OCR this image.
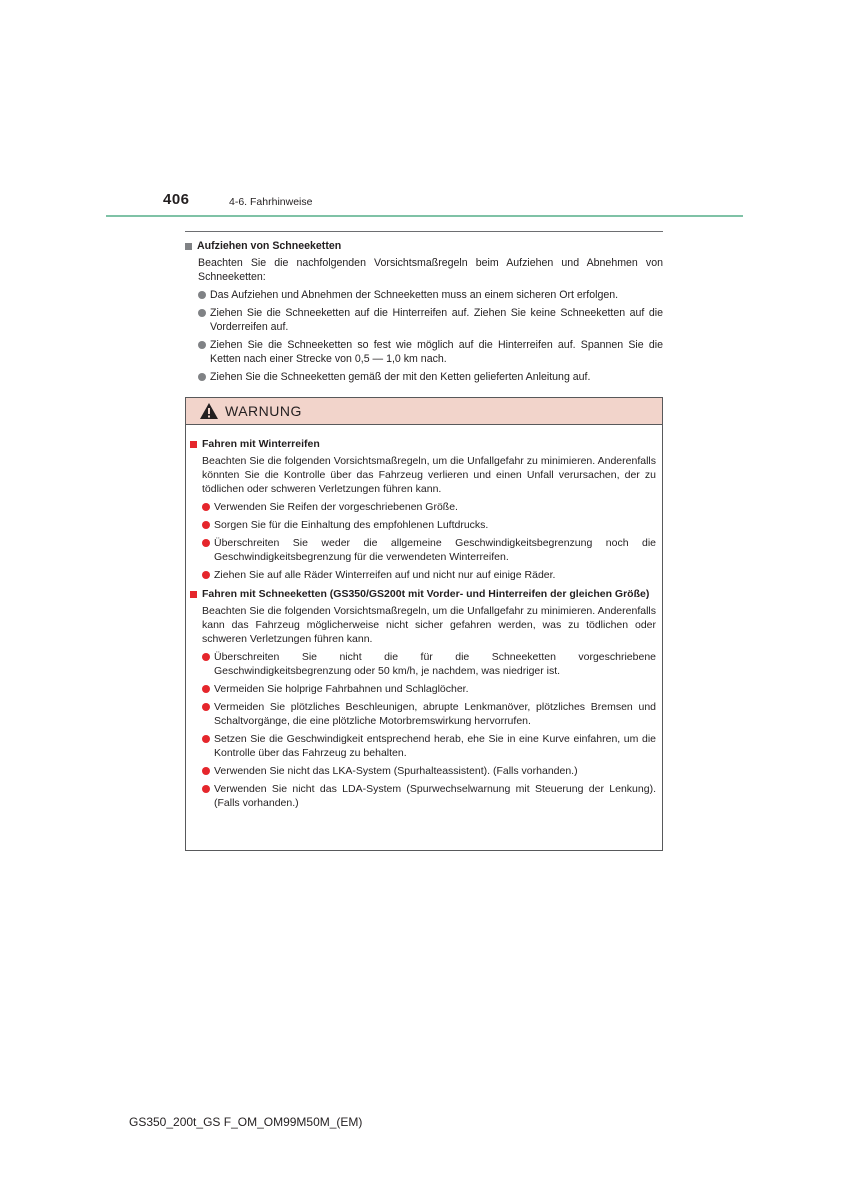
406	4-6. Fahrhinweise
Aufziehen von Schneeketten
Beachten Sie die nachfolgenden Vorsichtsmaßregeln beim Aufziehen und Abnehmen von Schneeketten:
Das Aufziehen und Abnehmen der Schneeketten muss an einem sicheren Ort erfolgen.
Ziehen Sie die Schneeketten auf die Hinterreifen auf. Ziehen Sie keine Schneeketten auf die Vorderreifen auf.
Ziehen Sie die Schneeketten so fest wie möglich auf die Hinterreifen auf. Spannen Sie die Ketten nach einer Strecke von 0,5 — 1,0 km nach.
Ziehen Sie die Schneeketten gemäß der mit den Ketten gelieferten Anleitung auf.
WARNUNG
Fahren mit Winterreifen
Beachten Sie die folgenden Vorsichtsmaßregeln, um die Unfallgefahr zu minimieren. Anderenfalls könnten Sie die Kontrolle über das Fahrzeug verlieren und einen Unfall verursachen, der zu tödlichen oder schweren Verletzungen führen kann.
Verwenden Sie Reifen der vorgeschriebenen Größe.
Sorgen Sie für die Einhaltung des empfohlenen Luftdrucks.
Überschreiten Sie weder die allgemeine Geschwindigkeitsbegrenzung noch die Geschwindigkeitsbegrenzung für die verwendeten Winterreifen.
Ziehen Sie auf alle Räder Winterreifen auf und nicht nur auf einige Räder.
Fahren mit Schneeketten (GS350/GS200t mit Vorder- und Hinterreifen der gleichen Größe)
Beachten Sie die folgenden Vorsichtsmaßregeln, um die Unfallgefahr zu minimieren. Anderenfalls kann das Fahrzeug möglicherweise nicht sicher gefahren werden, was zu tödlichen oder schweren Verletzungen führen kann.
Überschreiten Sie nicht die für die Schneeketten vorgeschriebene Geschwindigkeitsbegrenzung oder 50 km/h, je nachdem, was niedriger ist.
Vermeiden Sie holprige Fahrbahnen und Schlaglöcher.
Vermeiden Sie plötzliches Beschleunigen, abrupte Lenkmanöver, plötzliches Bremsen und Schaltvorgänge, die eine plötzliche Motorbremswirkung hervorrufen.
Setzen Sie die Geschwindigkeit entsprechend herab, ehe Sie in eine Kurve einfahren, um die Kontrolle über das Fahrzeug zu behalten.
Verwenden Sie nicht das LKA-System (Spurhalteassistent). (Falls vorhanden.)
Verwenden Sie nicht das LDA-System (Spurwechselwarnung mit Steuerung der Lenkung). (Falls vorhanden.)
GS350_200t_GS F_OM_OM99M50M_(EM)
